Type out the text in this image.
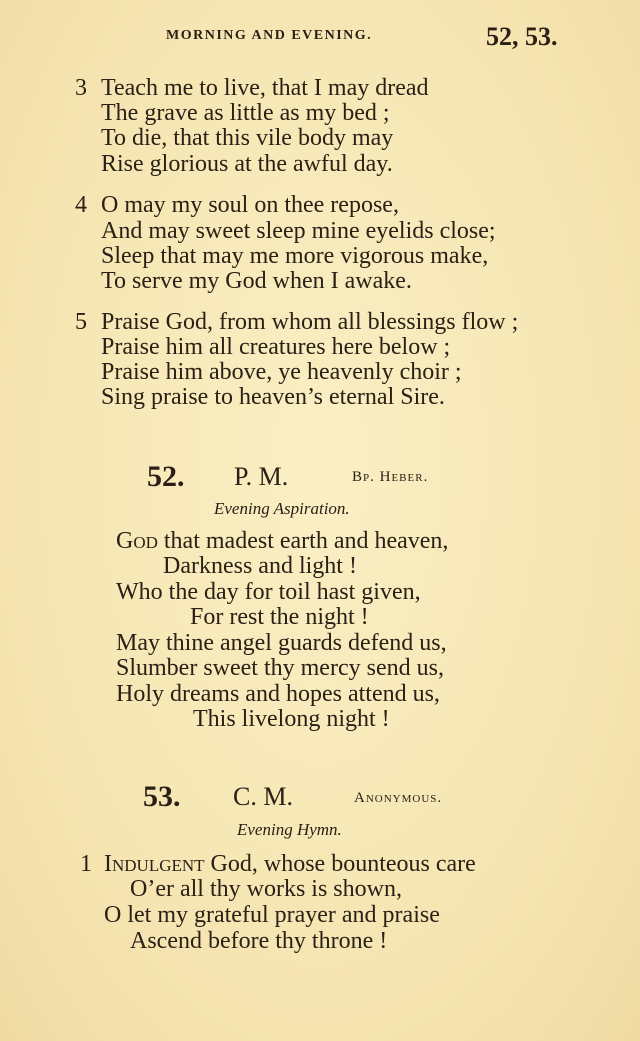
MORNING AND EVENING.	52, 53.
3 Teach me to live, that I may dread
The grave as little as my bed ;
To die, that this vile body may
Rise glorious at the awful day.
4 O may my soul on thee repose,
And may sweet sleep mine eyelids close;
Sleep that may me more vigorous make,
To serve my God when I awake.
5 Praise God, from whom all blessings flow ;
Praise him all creatures here below ;
Praise him above, ye heavenly choir ;
Sing praise to heaven’s eternal Sire.
52. P. M.	Bp. Heber.
Evening Aspiration.
God that madest earth and heaven,
Darkness and light !
Who the day for toil hast given,
For rest the night !
May thine angel guards defend us,
Slumber sweet thy mercy send us,
Holy dreams and hopes attend us,
This livelong night !
53. C. M.	Anonymous.
Evening Hymn.
1 Indulgent God, whose bounteous care
O’er all thy works is shown,
O let my grateful prayer and praise
Ascend before thy throne !
